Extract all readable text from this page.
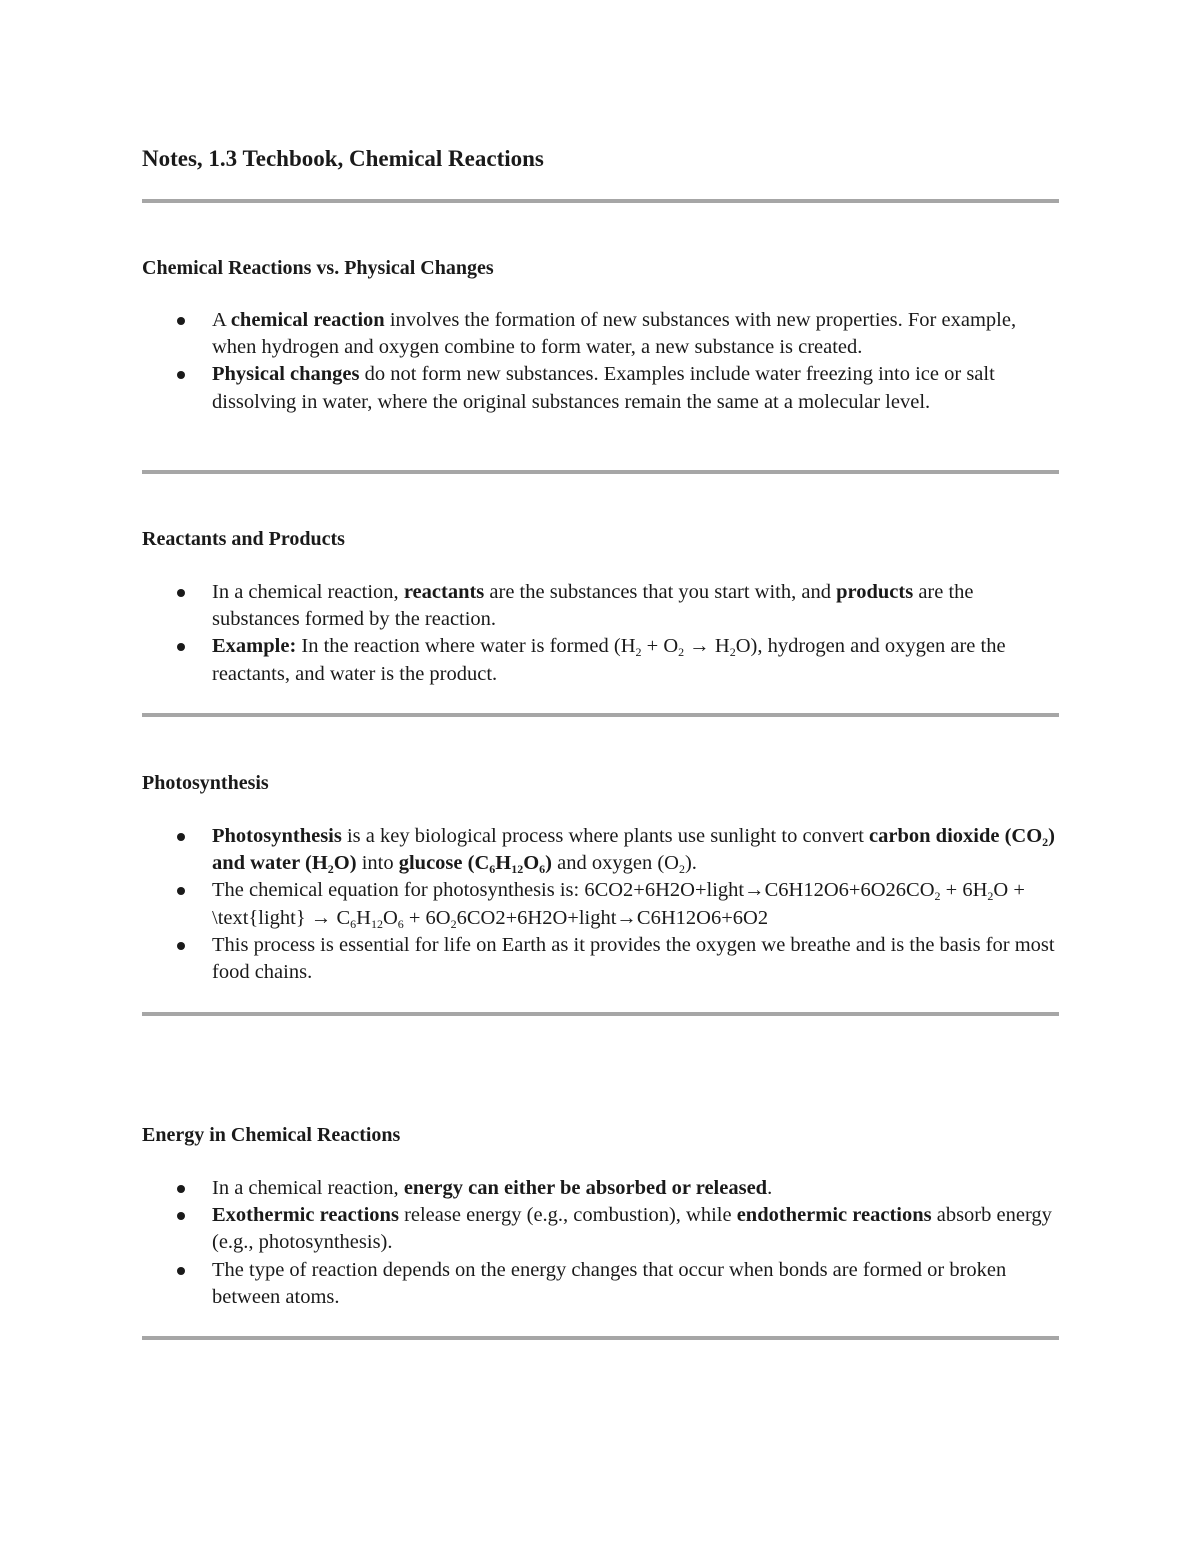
Notes, 1.3 Techbook, Chemical Reactions
Chemical Reactions vs. Physical Changes
A chemical reaction involves the formation of new substances with new properties. For example, when hydrogen and oxygen combine to form water, a new substance is created.
Physical changes do not form new substances. Examples include water freezing into ice or salt dissolving in water, where the original substances remain the same at a molecular level.
Reactants and Products
In a chemical reaction, reactants are the substances that you start with, and products are the substances formed by the reaction.
Example: In the reaction where water is formed $(H_2 + O_2 \to H_2O)$, hydrogen and oxygen are the reactants, and water is the product.
Photosynthesis
Photosynthesis is a key biological process where plants use sunlight to convert carbon dioxide $(CO_2)$ and water $(H_2O)$ into glucose $(C_6H_{12}O_6)$ and oxygen $(O_2)$.
The chemical equation for photosynthesis is: $6CO2+6H2O+light\to C6H12O6+6O26CO_2 + 6H_2O$ + \text{light} → $C_6H_{12}O_6$ + $6O_26CO2+6H2O+light\to C6H12O6+6O2$
This process is essential for life on Earth as it provides the oxygen we breathe and is the basis for most food chains.
Energy in Chemical Reactions
In a chemical reaction, energy can either be absorbed or released.
Exothermic reactions release energy (e.g., combustion), while endothermic reactions absorb energy (e.g., photosynthesis).
The type of reaction depends on the energy changes that occur when bonds are formed or broken between atoms.
